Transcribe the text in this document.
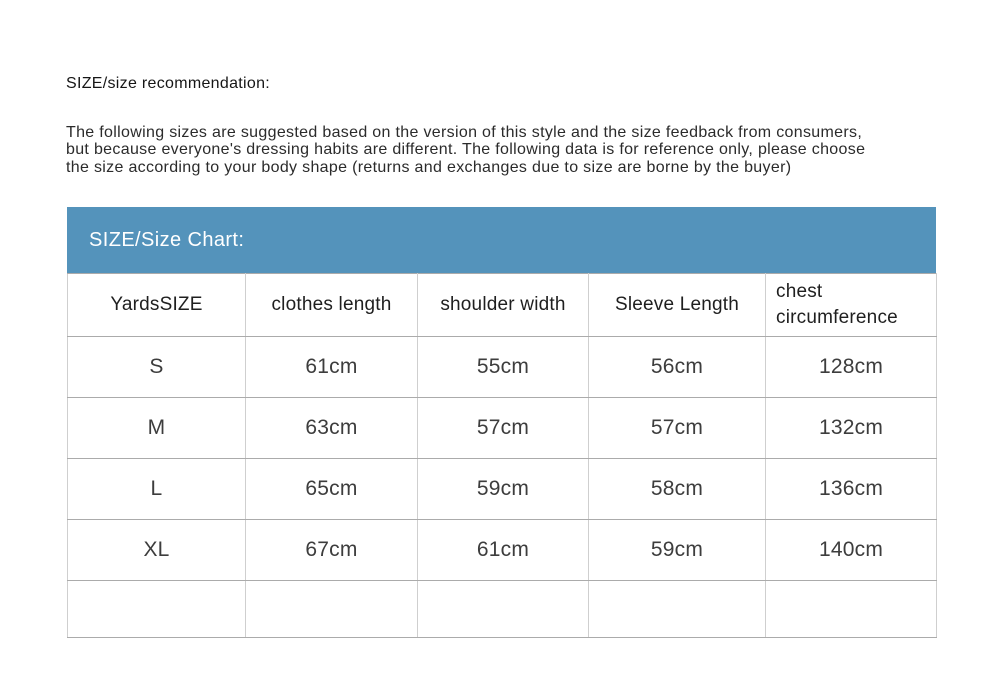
SIZE/size recommendation:
The following sizes are suggested based on the version of this style and the size feedback from consumers,
but because everyone's dressing habits are different. The following data is for reference only, please choose
the size according to your body shape (returns and exchanges due to size are borne by the buyer)
SIZE/Size Chart:
YardsSIZE	clothes length	shoulder width	Sleeve Length	chest circumference
S	61cm	55cm	56cm	128cm
M	63cm	57cm	57cm	132cm
L	65cm	59cm	58cm	136cm
XL	67cm	61cm	59cm	140cm
